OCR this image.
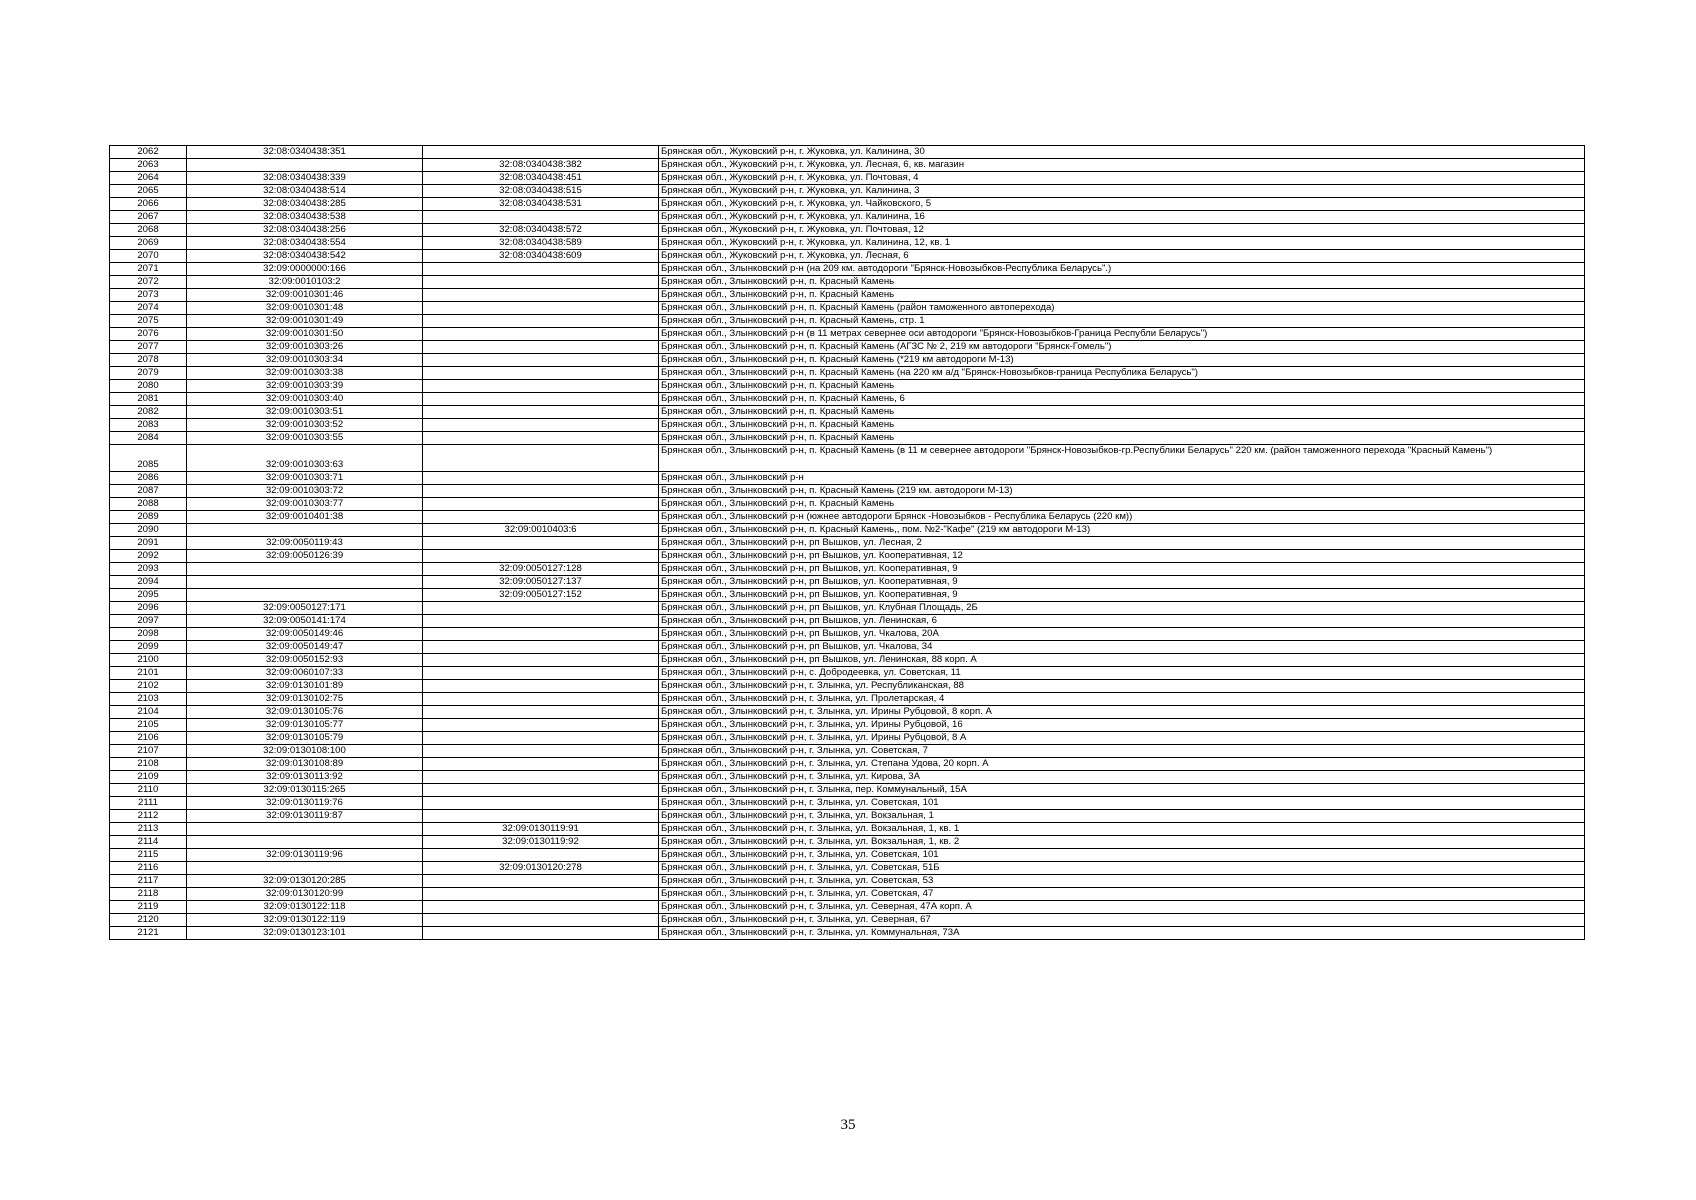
2062	32:08:0340438:351		Брянская обл., Жуковский р-н, г. Жуковка, ул. Калинина, 30
2063		32:08:0340438:382	Брянская обл., Жуковский р-н, г. Жуковка, ул. Лесная, 6, кв. магазин
2064	32:08:0340438:339	32:08:0340438:451	Брянская обл., Жуковский р-н, г. Жуковка, ул. Почтовая, 4
2065	32:08:0340438:514	32:08:0340438:515	Брянская обл., Жуковский р-н, г. Жуковка, ул. Калинина, 3
2066	32:08:0340438:285	32:08:0340438:531	Брянская обл., Жуковский р-н, г. Жуковка, ул. Чайковского, 5
2067	32:08:0340438:538		Брянская обл., Жуковский р-н, г. Жуковка, ул. Калинина, 16
2068	32:08:0340438:256	32:08:0340438:572	Брянская обл., Жуковский р-н, г. Жуковка, ул. Почтовая, 12
2069	32:08:0340438:554	32:08:0340438:589	Брянская обл., Жуковский р-н, г. Жуковка, ул. Калинина, 12, кв. 1
2070	32:08:0340438:542	32:08:0340438:609	Брянская обл., Жуковский р-н, г. Жуковка, ул. Лесная, 6
2071	32:09:0000000:166		Брянская обл., Злынковский р-н (на 209 км. автодороги "Брянск-Новозыбков-Республика Беларусь".)
2072	32:09:0010103:2		Брянская обл., Злынковский р-н, п. Красный Камень
2073	32:09:0010301:46		Брянская обл., Злынковский р-н, п. Красный Камень
2074	32:09:0010301:48		Брянская обл., Злынковский р-н, п. Красный Камень (район таможенного автоперехода)
2075	32:09:0010301:49		Брянская обл., Злынковский р-н, п. Красный Камень, стр. 1
2076	32:09:0010301:50		Брянская обл., Злынковский р-н (в 11 метрах севернее оси автодороги "Брянск-Новозыбков-Граница Республи Беларусь")
2077	32:09:0010303:26		Брянская обл., Злынковский р-н, п. Красный Камень (АГЗС № 2, 219 км автодороги "Брянск-Гомель")
2078	32:09:0010303:34		Брянская обл., Злынковский р-н, п. Красный Камень (*219 км автодороги М-13)
2079	32:09:0010303:38		Брянская обл., Злынковский р-н, п. Красный Камень (на 220 км а/д "Брянск-Новозыбков-граница Республика Беларусь")
2080	32:09:0010303:39		Брянская обл., Злынковский р-н, п. Красный Камень
2081	32:09:0010303:40		Брянская обл., Злынковский р-н, п. Красный Камень, 6
2082	32:09:0010303:51		Брянская обл., Злынковский р-н, п. Красный Камень
2083	32:09:0010303:52		Брянская обл., Злынковский р-н, п. Красный Камень
2084	32:09:0010303:55		Брянская обл., Злынковский р-н, п. Красный Камень
2085	32:09:0010303:63		Брянская обл., Злынковский р-н, п. Красный Камень (в 11 м севернее автодороги "Брянск-Новозыбков-гр.Республики Беларусь" 220 км. (район таможенного перехода "Красный Камень")
2086	32:09:0010303:71		Брянская обл., Злынковский р-н
2087	32:09:0010303:72		Брянская обл., Злынковский р-н, п. Красный Камень (219 км. автодороги М-13)
2088	32:09:0010303:77		Брянская обл., Злынковский р-н, п. Красный Камень
2089	32:09:0010401:38		Брянская обл., Злынковский р-н (южнее автодороги Брянск -Новозыбков - Республика Беларусь (220 км))
2090		32:09:0010403:6	Брянская обл., Злынковский р-н, п. Красный Камень,, пом. №2-"Кафе" (219 км автодороги М-13)
2091	32:09:0050119:43		Брянская обл., Злынковский р-н, рп Вышков, ул. Лесная, 2
2092	32:09:0050126:39		Брянская обл., Злынковский р-н, рп Вышков, ул. Кооперативная, 12
2093		32:09:0050127:128	Брянская обл., Злынковский р-н, рп Вышков, ул. Кооперативная, 9
2094		32:09:0050127:137	Брянская обл., Злынковский р-н, рп Вышков, ул. Кооперативная, 9
2095		32:09:0050127:152	Брянская обл., Злынковский р-н, рп Вышков, ул. Кооперативная, 9
2096	32:09:0050127:171		Брянская обл., Злынковский р-н, рп Вышков, ул. Клубная Площадь, 2Б
2097	32:09:0050141:174		Брянская обл., Злынковский р-н, рп Вышков, ул. Ленинская, 6
2098	32:09:0050149:46		Брянская обл., Злынковский р-н, рп Вышков, ул. Чкалова, 20А
2099	32:09:0050149:47		Брянская обл., Злынковский р-н, рп Вышков, ул. Чкалова, 34
2100	32:09:0050152:93		Брянская обл., Злынковский р-н, рп Вышков, ул. Ленинская, 88 корп. А
2101	32:09:0060107:33		Брянская обл., Злынковский р-н, с. Добродеевка, ул. Советская, 11
2102	32:09:0130101:89		Брянская обл., Злынковский р-н, г. Злынка, ул. Республиканская, 88
2103	32:09:0130102:75		Брянская обл., Злынковский р-н, г. Злынка, ул. Пролетарская, 4
2104	32:09:0130105:76		Брянская обл., Злынковский р-н, г. Злынка, ул. Ирины Рубцовой, 8 корп. А
2105	32:09:0130105:77		Брянская обл., Злынковский р-н, г. Злынка, ул. Ирины Рубцовой, 16
2106	32:09:0130105:79		Брянская обл., Злынковский р-н, г. Злынка, ул. Ирины Рубцовой, 8 А
2107	32:09:0130108:100		Брянская обл., Злынковский р-н, г. Злынка, ул. Советская, 7
2108	32:09:0130108:89		Брянская обл., Злынковский р-н, г. Злынка, ул. Степана Удова, 20 корп. А
2109	32:09:0130113:92		Брянская обл., Злынковский р-н, г. Злынка, ул. Кирова, 3А
2110	32:09:0130115:265		Брянская обл., Злынковский р-н, г. Злынка, пер. Коммунальный, 15А
2111	32:09:0130119:76		Брянская обл., Злынковский р-н, г. Злынка, ул. Советская, 101
2112	32:09:0130119:87		Брянская обл., Злынковский р-н, г. Злынка, ул. Вокзальная, 1
2113		32:09:0130119:91	Брянская обл., Злынковский р-н, г. Злынка, ул. Вокзальная, 1, кв. 1
2114		32:09:0130119:92	Брянская обл., Злынковский р-н, г. Злынка, ул. Вокзальная, 1, кв. 2
2115	32:09:0130119:96		Брянская обл., Злынковский р-н, г. Злынка, ул. Советская, 101
2116		32:09:0130120:278	Брянская обл., Злынковский р-н, г. Злынка, ул. Советская, 51Б
2117	32:09:0130120:285		Брянская обл., Злынковский р-н, г. Злынка, ул. Советская, 53
2118	32:09:0130120:99		Брянская обл., Злынковский р-н, г. Злынка, ул. Советская, 47
2119	32:09:0130122:118		Брянская обл., Злынковский р-н, г. Злынка, ул. Северная, 47А корп. А
2120	32:09:0130122:119		Брянская обл., Злынковский р-н, г. Злынка, ул. Северная, 67
2121	32:09:0130123:101		Брянская обл., Злынковский р-н, г. Злынка, ул. Коммунальная, 73А
35
